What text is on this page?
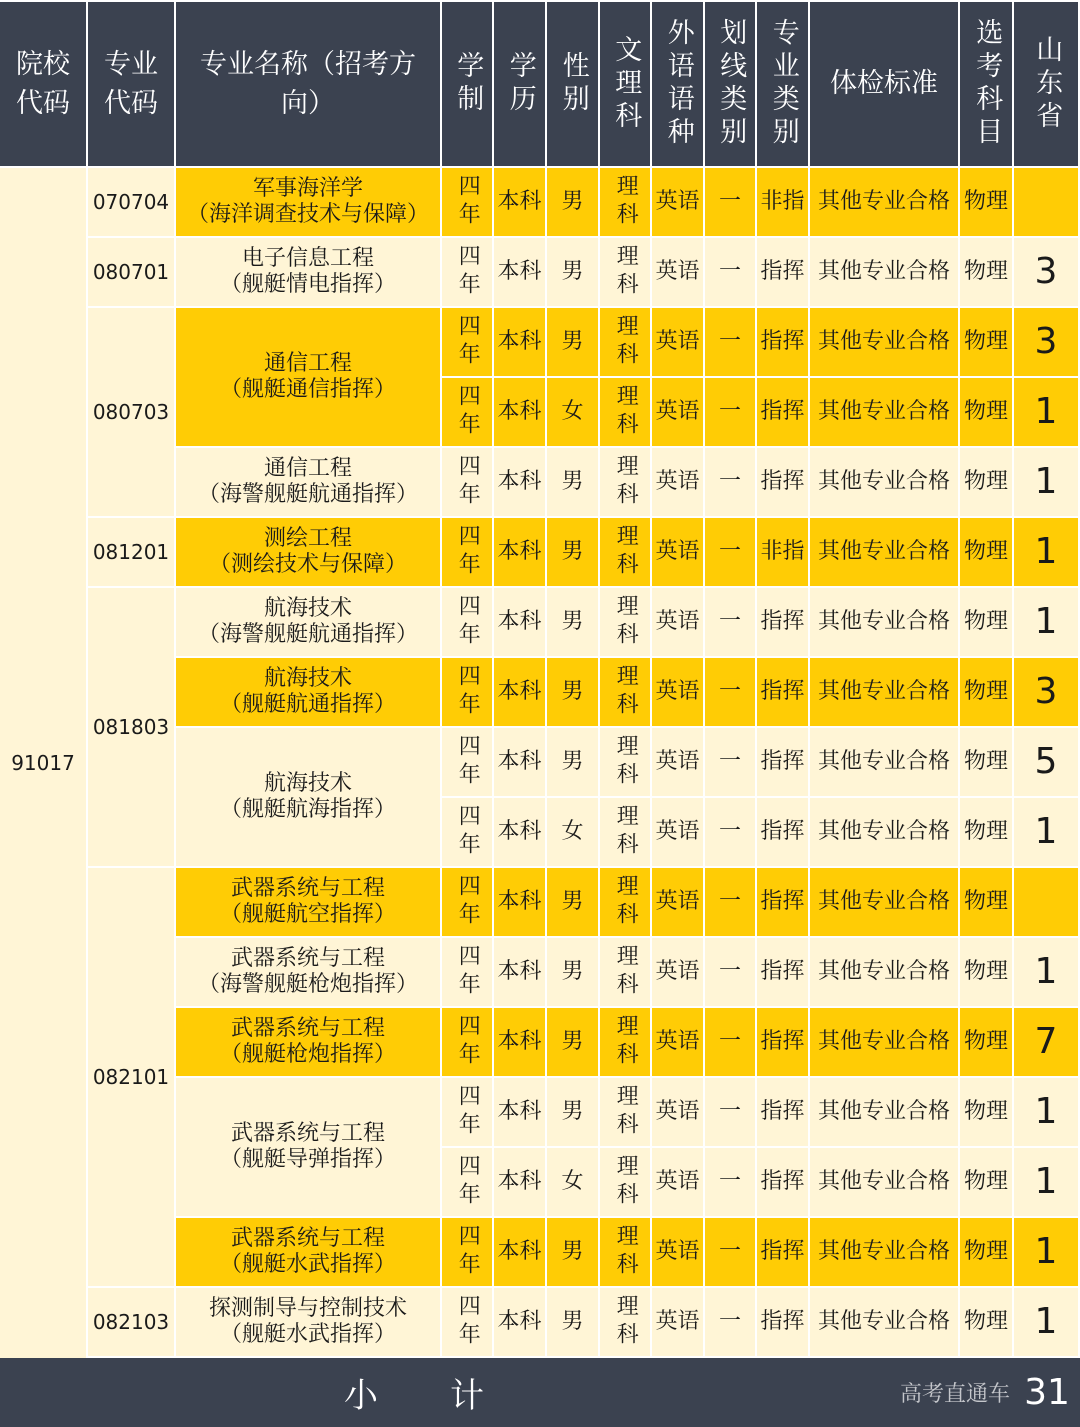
院校代码
专业代码
专业名称（招考方向）	学制 学历 性别 文理科 外语语种 划线类别 专业类别 体检标准 选考科目 山东省
91017
070704
080701
080703
081201
081803
082101
082103
军事海洋学
（海洋调查技术与保障）
电子信息工程
（舰艇情电指挥）
通信工程
（舰艇通信指挥）
通信工程
（海警舰艇航通指挥）
测绘工程
（测绘技术与保障）
航海技术
（海警舰艇航通指挥）
航海技术
（舰艇航通指挥）
航海技术
（舰艇航海指挥）
武器系统与工程
（舰艇航空指挥）
武器系统与工程
（海警舰艇枪炮指挥）
武器系统与工程
（舰艇枪炮指挥）
武器系统与工程
（舰艇导弹指挥）
武器系统与工程
（舰艇水武指挥）
探测制导与控制技术
（舰艇水武指挥）
四年 本科 男 理科 英语 一 非指 其他专业合格 物理
四年 本科 男 理科 英语 一 指挥 其他专业合格 物理 3
四年 本科 男 理科 英语 一 指挥 其他专业合格 物理 3
四年 本科 女 理科 英语 一 指挥 其他专业合格 物理 1
四年 本科 男 理科 英语 一 指挥 其他专业合格 物理 1
四年 本科 男 理科 英语 一 非指 其他专业合格 物理 1
四年 本科 男 理科 英语 一 指挥 其他专业合格 物理 1
四年 本科 男 理科 英语 一 指挥 其他专业合格 物理 3
四年 本科 男 理科 英语 一 指挥 其他专业合格 物理 5
四年 本科 女 理科 英语 一 指挥 其他专业合格 物理 1
四年 本科 男 理科 英语 一 指挥 其他专业合格 物理
四年 本科 男 理科 英语 一 指挥 其他专业合格 物理 1
四年 本科 男 理科 英语 一 指挥 其他专业合格 物理 7
四年 本科 男 理科 英语 一 指挥 其他专业合格 物理 1
四年 本科 女 理科 英语 一 指挥 其他专业合格 物理 1
四年 本科 男 理科 英语 一 指挥 其他专业合格 物理 1
四年 本科 男 理科 英语 一 指挥 其他专业合格 物理 1
小计	高考直通车 31
